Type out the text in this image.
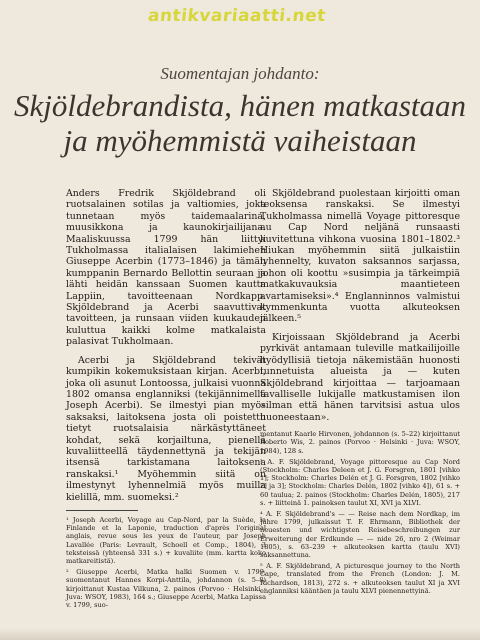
antikvariaatti.net
Suomentajan johdanto:
Skjöldebrandista, hänen matkastaan
ja myöhemmistä vaiheistaan

Anders Fredrik Skjöldebrand oli ruotsalainen sotilas ja valtiomies, joka tunnetaan myös taidemaalarina, muusikkona ja kaunokirjailijana. Maaliskuussa 1799 hän liittyi Tukholmassa italialaisen lakimiehen Giuseppe Acerbin (1773–1846) ja tämän kumppanin Bernardo Bellottin seuraan ja lähti heidän kanssaan Suomen kautta Lappiin, tavoitteenaan Nordkapp. Skjöldebrand ja Acerbi saavuttivat tavoitteen, ja runsaan viiden kuukauden kuluttua kaikki kolme matkalaista palasivat Tukholmaan.

Acerbi ja Skjöldebrand tekivät kumpikin kokemuksistaan kirjan. Acerbi, joka oli asunut Lontoossa, julkaisi vuonna 1802 omansa englanniksi (tekijännimellä Joseph Acerbi). Se ilmestyi pian myös saksaksi, laitoksena josta oli poistettu tietyt ruotsalaisia närkästyttäneet kohdat, sekä korjailtuna, pienellä kuvaliitteellä täydennettynä ja tekijän itsensä tarkistamana laitoksena ranskaksi.¹ Myöhemmin siitä on ilmestynyt lyhennelmiä myös muilla kielillä, mm. suomeksi.²

¹ Joseph Acerbi, Voyage au Cap-Nord, par la Suède, la Finlande et la Laponie, traduction d'après l'original anglais, revue sous les yeux de l'auteur, par Joseph Lavallée (Paris: Levrault, Schoell et Comp., 1804), 3 teksteissä (yhteensä 331 s.) + kuvaliite (mm. kartta koko matkareitistä).

² Giuseppe Acerbi, Matka halki Suomen v. 1799, suomentanut Hannes Korpi-Anttila, johdannon (s. 5–8) kirjoittanut Kustaa Vilkuna, 2. painos (Porvoo · Helsinki · Juva: WSOY, 1983), 164 s.; Giuseppe Acerbi, Matka Lapissa v. 1799, suo-

Skjöldebrand puolestaan kirjoitti oman teoksensa ranskaksi. Se ilmestyi Tukholmassa nimellä Voyage pittoresque au Cap Nord neljänä runsaasti kuvitettuna vihkona vuosina 1801–1802.³ Hiukan myöhemmin siitä julkaistiin lyhennelty, kuvaton saksannos sarjassa, johon oli koottu »susimpia ja tärkeimpiä matkakuvauksia maantieteen avartamiseksi».⁴ Englanninnos valmistui kymmenkunta vuotta alkuteoksen jälkeen.⁵

Kirjoissaan Skjöldebrand ja Acerbi pyrkivät antamaan tuleville matkailijoille hyödyllisiä tietoja näkemistään huonosti tunnetuista alueista ja — kuten Skjöldebrand kirjoittaa — tarjoamaan tavalliselle lukijalle matkustamisen ilon »ilman että hänen tarvitsisi astua ulos huoneestaan».

mentanut Kaarle Hirvonen, johdannon (s. 5–22) kirjoittanut Roberto Wis, 2. painos (Porvoo · Helsinki · Juva: WSOY, 1984), 128 s.

³ A. F. Skjöldebrand, Voyage pittoresque au Cap Nord (Stockholm: Charles Deleen et J. G. Forsgren, 1801 [vihko 1]; Stockholm: Charles Delén et J. G. Forsgren, 1802 [vihko 2] ja 3]; Stockholm: Charles Delén, 1802 [vihko 4]), 61 s. + 60 taulua; 2. painos (Stockholm: Charles Delén, 1805), 217 s. + liitteinä 1. painoksen taulut XI, XVI ja XLVI.

⁴ A. F. Skjöldebrand's — — Reise nach dem Nordkap, im Jahre 1799, julkaissut T. F. Ehrmann, Bibliothek der neuesten und wichtigsten Reisebeschreibungen zur Erweiterung der Erdkunde — — nide 26, nro 2 (Weimar 1805), s. 63–239 + alkuteoksen kartta (taulu XVI) saksannettuna.

⁵ A. F. Skjöldebrand, A picturesque journey to the North Cape, translated from the French (London: J. M. Richardson, 1813), 272 s. + alkuteoksen taulut XI ja XVI englanniksi kääntäen ja taulu XLVI pienennettyinä.
